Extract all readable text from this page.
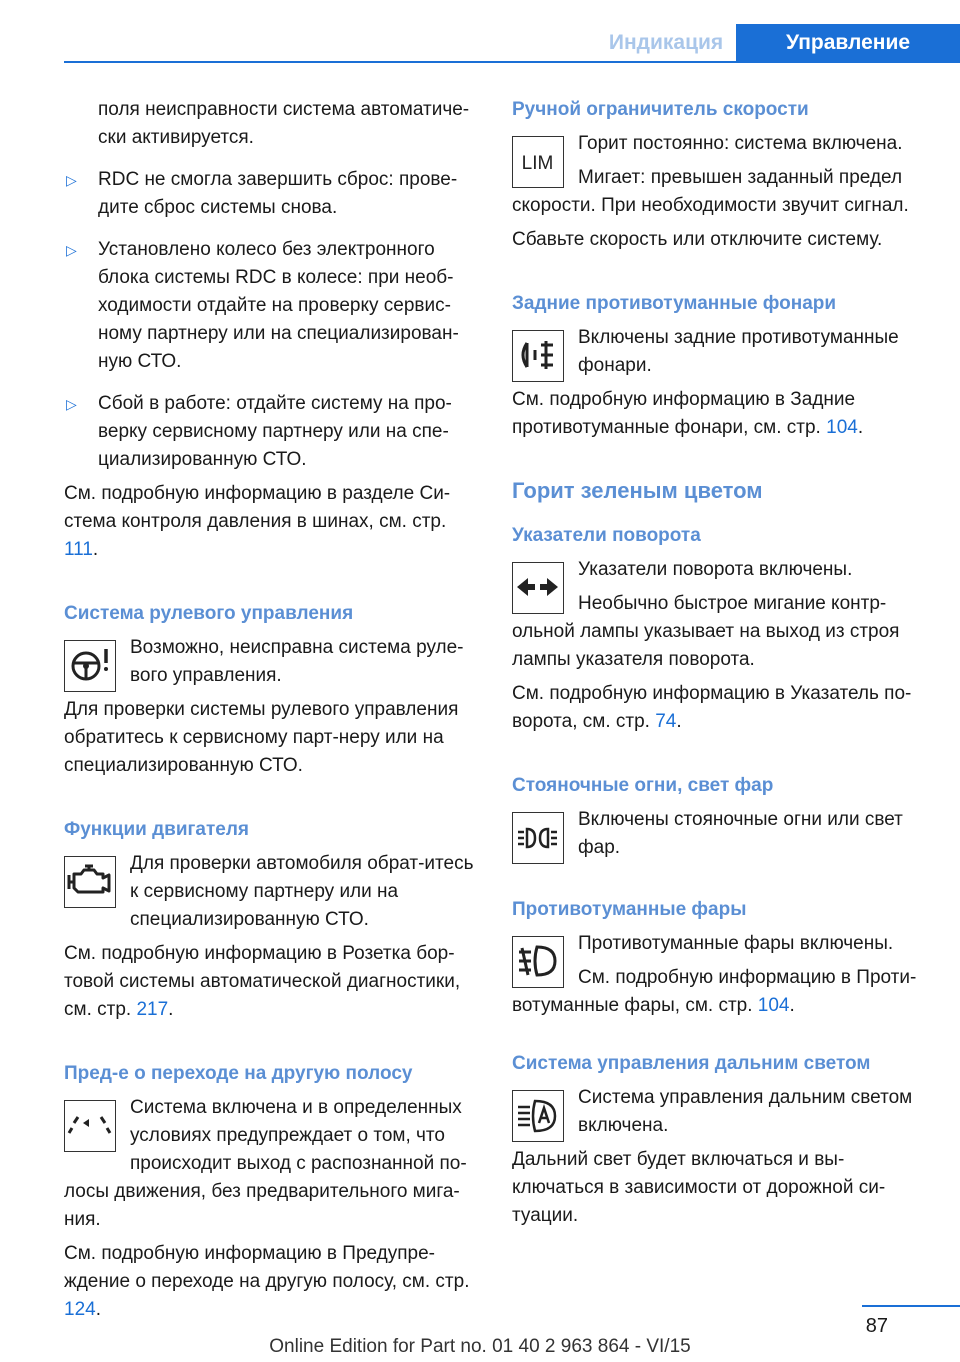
Индикация	Управление

поля неисправности система автоматиче-ски активируется.

▷ RDC не смогла завершить сброс: прове-дите сброс системы снова.

▷ Установлено колесо без электронного блока системы RDC в колесе: при необ-ходимости отдайте на проверку сервис-ному партнеру или на специализирован-ную СТО.

▷ Сбой в работе: отдайте систему на про-верку сервисному партнеру или на спе-циализированную СТО.

См. подробную информацию в разделе Си-стема контроля давления в шинах, см. стр. 111.

Система рулевого управления

Возможно, неисправна система руле-вого управления.

Для проверки системы рулевого управления обратитесь к сервисному парт-неру или на специализированную СТО.

Функции двигателя

Для проверки автомобиля обрат-итесь к сервисному партнеру или на специализированную СТО.

См. подробную информацию в Розетка бор-товой системы автоматической диагностики, см. стр. 217.

Пред-е о переходе на другую полосу

Система включена и в определенных условиях предупреждает о том, что происходит выход с распознанной по-лосы движения, без предварительного мига-ния.

См. подробную информацию в Предупре-ждение о переходе на другую полосу, см. стр. 124.

Ручной ограничитель скорости

LIM

Горит постоянно: система включена.

Мигает: превышен заданный предел скорости. При необходимости звучит сигнал.

Сбавьте скорость или отключите систему.

Задние противотуманные фонари

Включены задние противотуманные фонари.

См. подробную информацию в Задние противотуманные фонари, см. стр. 104.

Горит зеленым цветом

Указатели поворота

Указатели поворота включены.

Необычно быстрое мигание контр-ольной лампы указывает на выход из строя лампы указателя поворота.

См. подробную информацию в Указатель по-ворота, см. стр. 74.

Стояночные огни, свет фар

Включены стояночные огни или свет фар.

Противотуманные фары

Противотуманные фары включены.

См. подробную информацию в Проти-вотуманные фары, см. стр. 104.

Система управления дальним светом

Система управления дальним светом включена.

Дальний свет будет включаться и вы-ключаться в зависимости от дорожной си-туации.

87
Online Edition for Part no. 01 40 2 963 864 - VI/15
